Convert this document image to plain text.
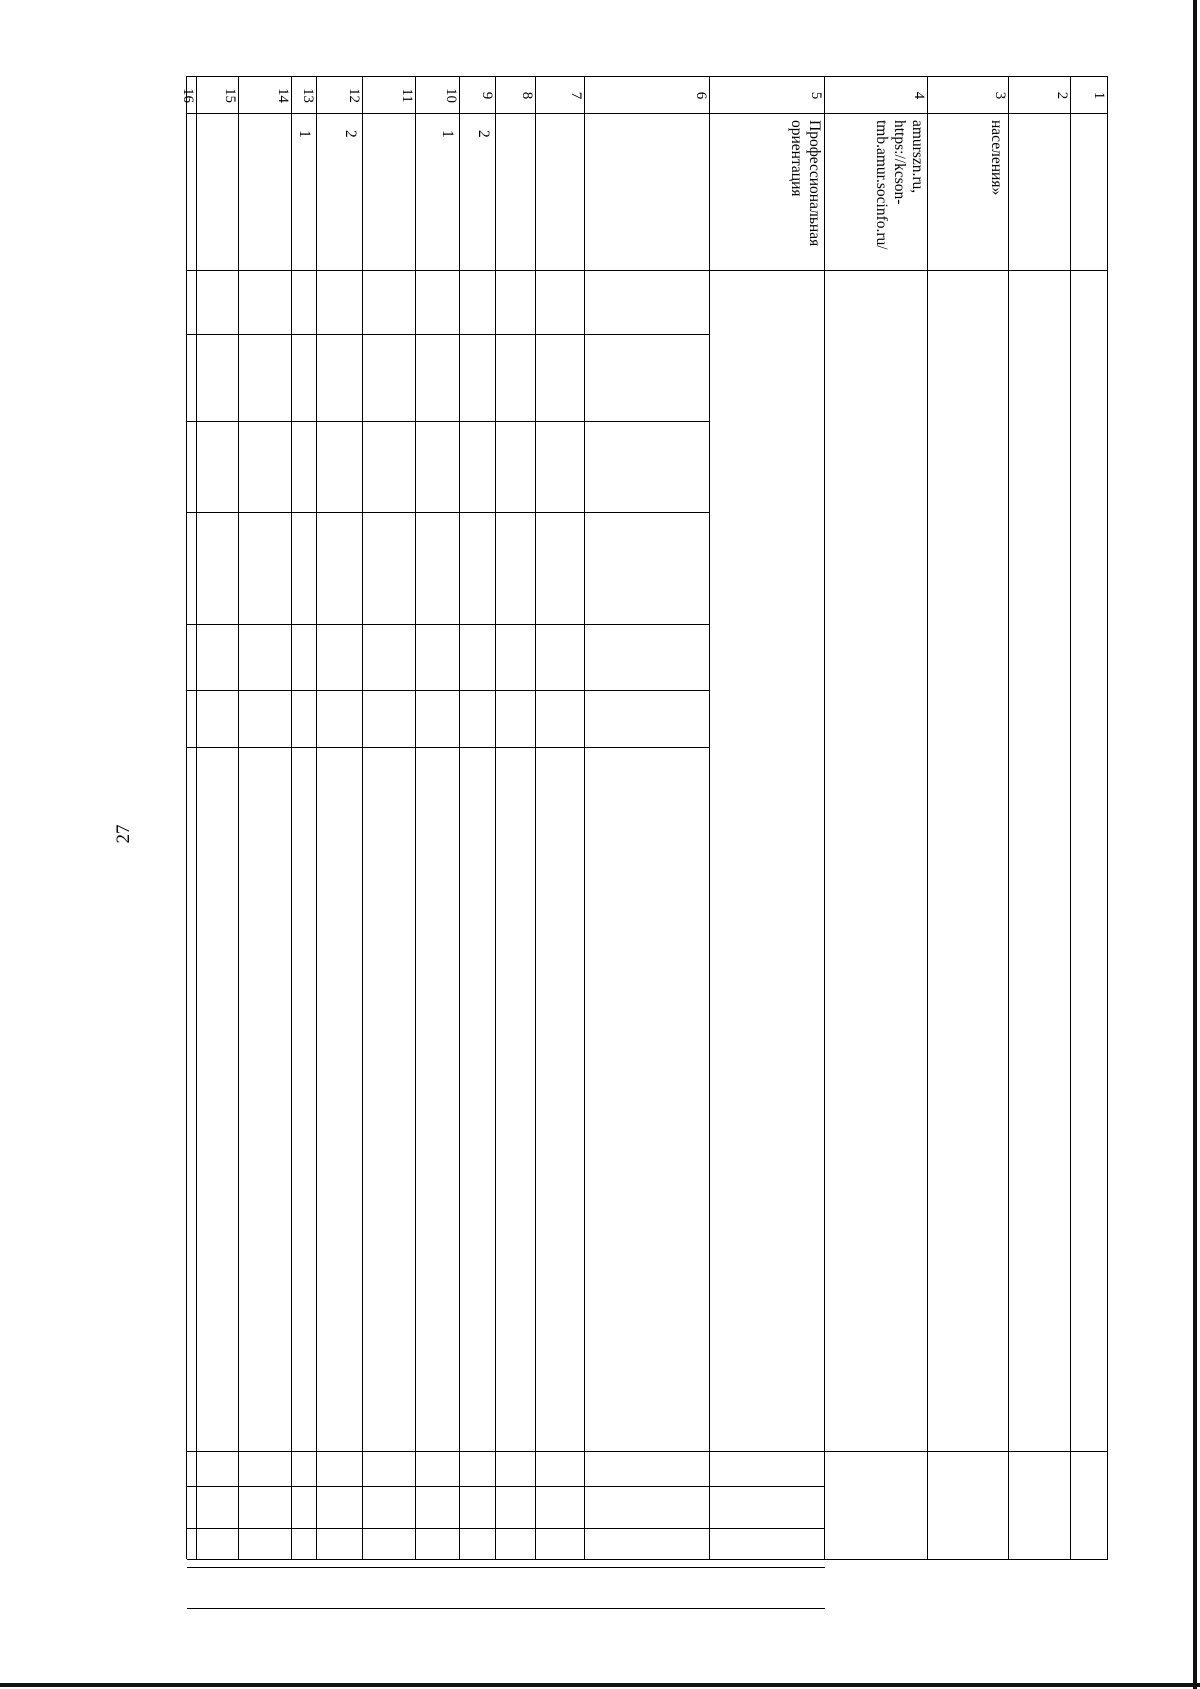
27
1
2
3
4
5
6
7
8
9
10
11
12
13
14
15
16
населения»
amurszn.ru,
https://kcson-
tmb.amur.socinfo.ru/
Профессиональная
ориентация
2
1
2
1
